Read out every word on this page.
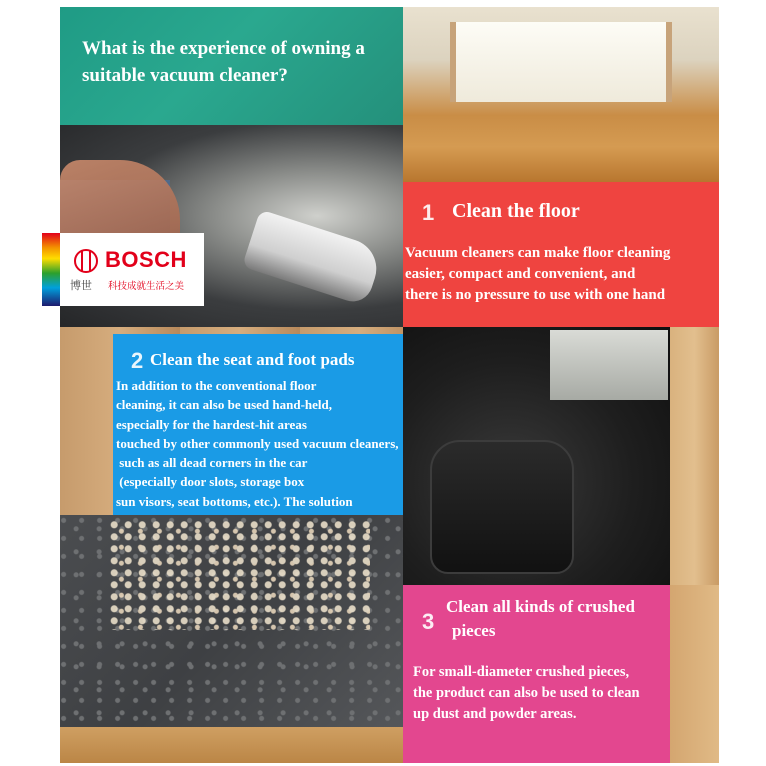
What is the experience of owning a
suitable vacuum cleaner?
BOSCH
博世 科技成就生活之美
1 Clean the floor
Vacuum cleaners can make floor cleaning
easier, compact and convenient, and
there is no pressure to use with one hand
2 Clean the seat and foot pads
In addition to the conventional floor
cleaning, it can also be used hand-held,
especially for the hardest-hit areas
touched by other commonly used vacuum cleaners,
such as all dead corners in the car
(especially door slots, storage box
sun visors, seat bottoms, etc.). The solution
3
Clean all kinds of crushed
pieces
For small-diameter crushed pieces,
the product can also be used to clean
up dust and powder areas.
